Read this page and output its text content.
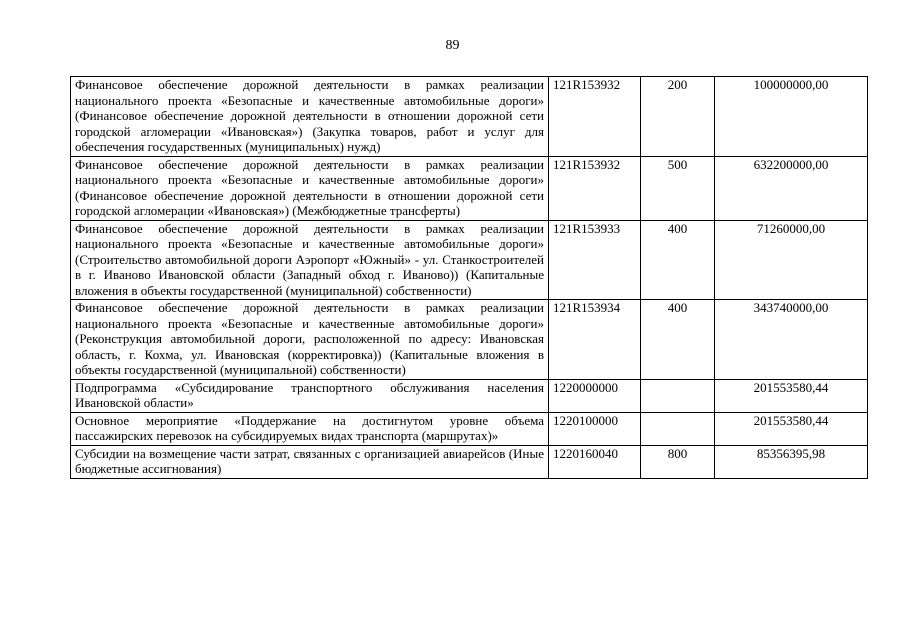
89
Финансовое обеспечение дорожной деятельности в рамках реализации национального проекта «Безопасные и качественные автомобильные дороги» (Финансовое обеспечение дорожной деятельности в отношении дорожной сети городской агломерации «Ивановская») (Закупка товаров, работ и услуг для обеспечения государственных (муниципальных) нужд)	121R153932	200	100000000,00
Финансовое обеспечение дорожной деятельности в рамках реализации национального проекта «Безопасные и качественные автомобильные дороги» (Финансовое обеспечение дорожной деятельности в отношении дорожной сети городской агломерации «Ивановская») (Межбюджетные трансферты)	121R153932	500	632200000,00
Финансовое обеспечение дорожной деятельности в рамках реализации национального проекта «Безопасные и качественные автомобильные дороги» (Строительство автомобильной дороги Аэропорт «Южный» - ул. Станкостроителей в г. Иваново Ивановской области (Западный обход г. Иваново)) (Капитальные вложения в объекты государственной (муниципальной) собственности)	121R153933	400	71260000,00
Финансовое обеспечение дорожной деятельности в рамках реализации национального проекта «Безопасные и качественные автомобильные дороги» (Реконструкция автомобильной дороги, расположенной по адресу: Ивановская область, г. Кохма, ул. Ивановская (корректировка)) (Капитальные вложения в объекты государственной (муниципальной) собственности)	121R153934	400	343740000,00
Подпрограмма «Субсидирование транспортного обслуживания населения Ивановской области»	1220000000		201553580,44
Основное мероприятие «Поддержание на достигнутом уровне объема пассажирских перевозок на субсидируемых видах транспорта (маршрутах)»	1220100000		201553580,44
Субсидии на возмещение части затрат, связанных с организацией авиарейсов (Иные бюджетные ассигнования)	1220160040	800	85356395,98
